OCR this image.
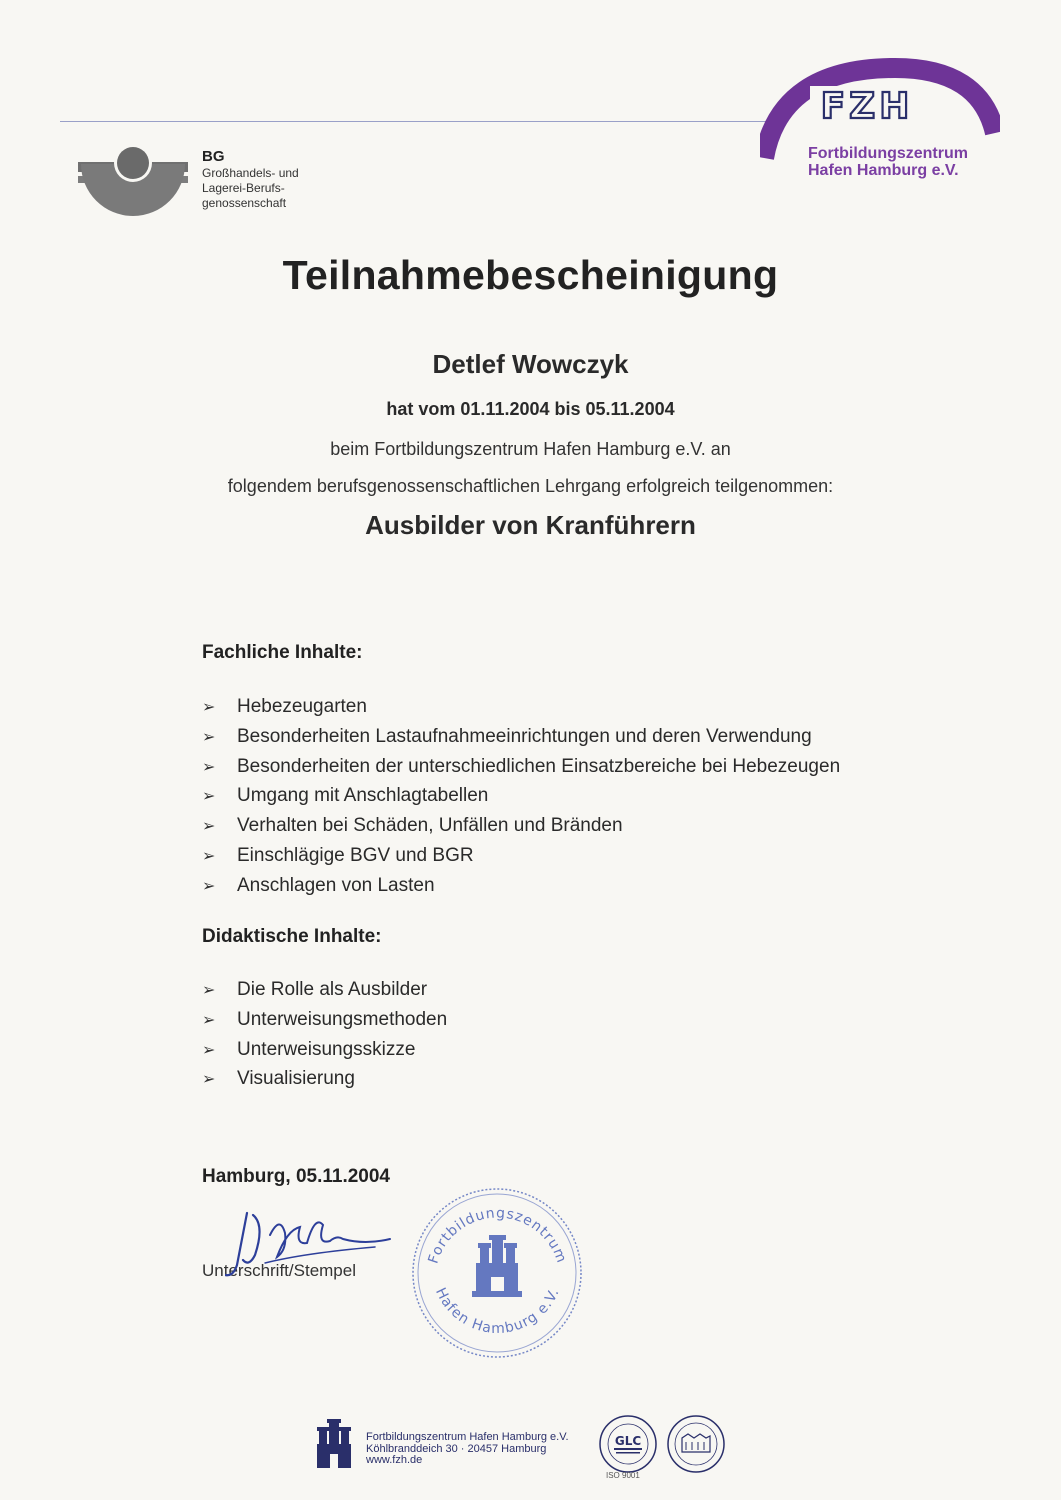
BG
Großhandels- und
Lagerei-Berufs-
genossenschaft
FZH
Fortbildungszentrum
Hafen Hamburg e.V.
Teilnahmebescheinigung
Detlef Wowczyk
hat vom 01.11.2004 bis 05.11.2004
beim Fortbildungszentrum Hafen Hamburg e.V. an
folgendem berufsgenossenschaftlichen Lehrgang erfolgreich teilgenommen:
Ausbilder von Kranführern
Fachliche Inhalte:
➢ Hebezeugarten
➢ Besonderheiten Lastaufnahmeeinrichtungen und deren Verwendung
➢ Besonderheiten der unterschiedlichen Einsatzbereiche bei Hebezeugen
➢ Umgang mit Anschlagtabellen
➢ Verhalten bei Schäden, Unfällen und Bränden
➢ Einschlägige BGV und BGR
➢ Anschlagen von Lasten
Didaktische Inhalte:
➢ Die Rolle als Ausbilder
➢ Unterweisungsmethoden
➢ Unterweisungsskizze
➢ Visualisierung
Hamburg, 05.11.2004
Unterschrift/Stempel
Fortbildungszentrum
Hafen Hamburg e.V.
Fortbildungszentrum Hafen Hamburg e.V.
Köhlbranddeich 30 · 20457 Hamburg
www.fzh.de
GLC
ISO 9001
